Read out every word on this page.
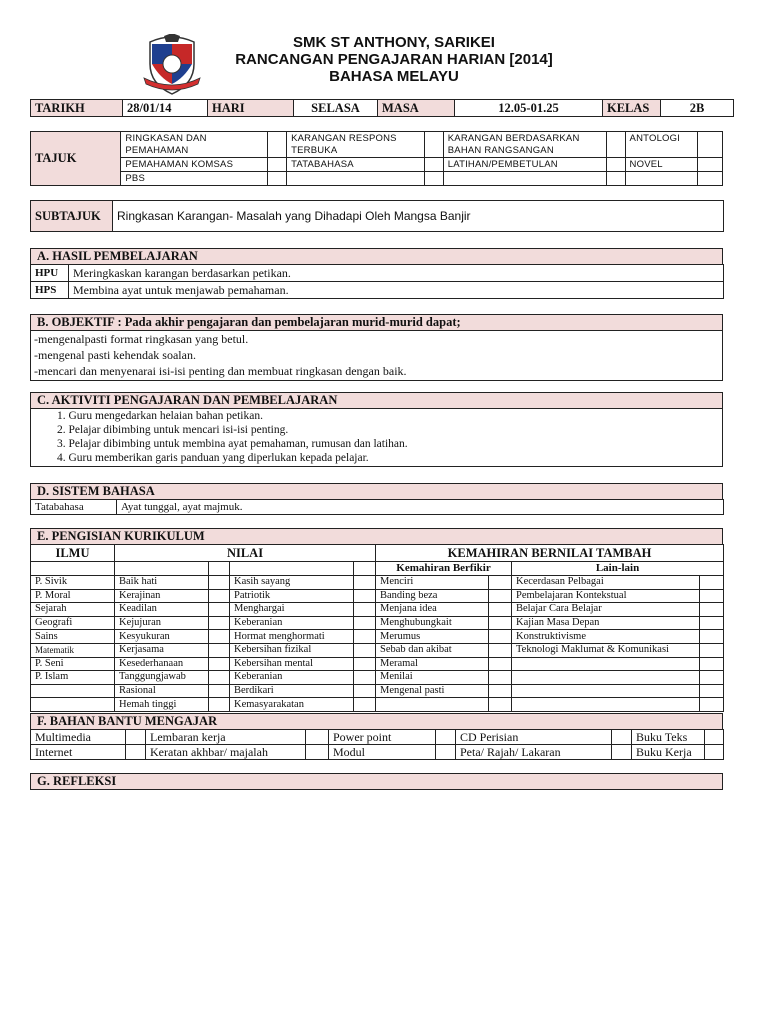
SMK ST ANTHONY, SARIKEI
RANCANGAN PENGAJARAN HARIAN [2014]
BAHASA MELAYU
TARIKH	28/01/14	HARI	SELASA	MASA	12.05-01.25	KELAS	2B
TAJUK	RINGKASAN DAN PEMAHAMAN		KARANGAN RESPONS TERBUKA		KARANGAN BERDASARKAN BAHAN RANGSANGAN		ANTOLOGI	
	PEMAHAMAN KOMSAS		TATABAHASA		LATIHAN/PEMBETULAN		NOVEL	
	PBS							
SUBTAJUK	Ringkasan Karangan- Masalah yang Dihadapi Oleh Mangsa Banjir
A. HASIL PEMBELAJARAN
HPU	Meringkaskan karangan berdasarkan petikan.
HPS	Membina ayat untuk menjawab pemahaman.
B. OBJEKTIF : Pada akhir pengajaran dan pembelajaran murid-murid dapat;
-mengenalpasti format ringkasan yang betul.
-mengenal pasti kehendak soalan.
-mencari dan menyenarai isi-isi penting dan membuat ringkasan dengan baik.
C. AKTIVITI PENGAJARAN DAN PEMBELAJARAN
1. Guru mengedarkan helaian bahan petikan.
2. Pelajar dibimbing untuk mencari isi-isi penting.
3. Pelajar dibimbing untuk membina ayat pemahaman, rumusan dan latihan.
4. Guru memberikan garis panduan yang diperlukan kepada pelajar.
D. SISTEM BAHASA
Tatabahasa	Ayat tunggal, ayat majmuk.
E. PENGISIAN KURIKULUM
ILMU	NILAI				KEMAHIRAN BERNILAI TAMBAH			
					Kemahiran Berfikir		Lain-lain	
P. Sivik	Baik hati		Kasih sayang		Menciri		Kecerdasan Pelbagai	
P. Moral	Kerajinan		Patriotik		Banding beza		Pembelajaran Kontekstual	
Sejarah	Keadilan		Menghargai		Menjana idea		Belajar Cara Belajar	
Geografi	Kejujuran		Keberanian		Menghubungkait		Kajian Masa Depan	
Sains	Kesyukuran		Hormat menghormati		Merumus		Konstruktivisme	
Matematik	Kerjasama		Kebersihan fizikal		Sebab dan akibat		Teknologi Maklumat & Komunikasi	
P. Seni	Kesederhanaan		Kebersihan mental		Meramal			
P. Islam	Tanggungjawab		Keberanian		Menilai			
	Rasional		Berdikari		Mengenal pasti			
	Hemah tinggi		Kemasyarakatan					
F. BAHAN BANTU MENGAJAR
Multimedia		Lembaran kerja		Power point		CD Perisian		Buku Teks	
Internet		Keratan akhbar/ majalah		Modul		Peta/ Rajah/ Lakaran		Buku Kerja	
G. REFLEKSI
